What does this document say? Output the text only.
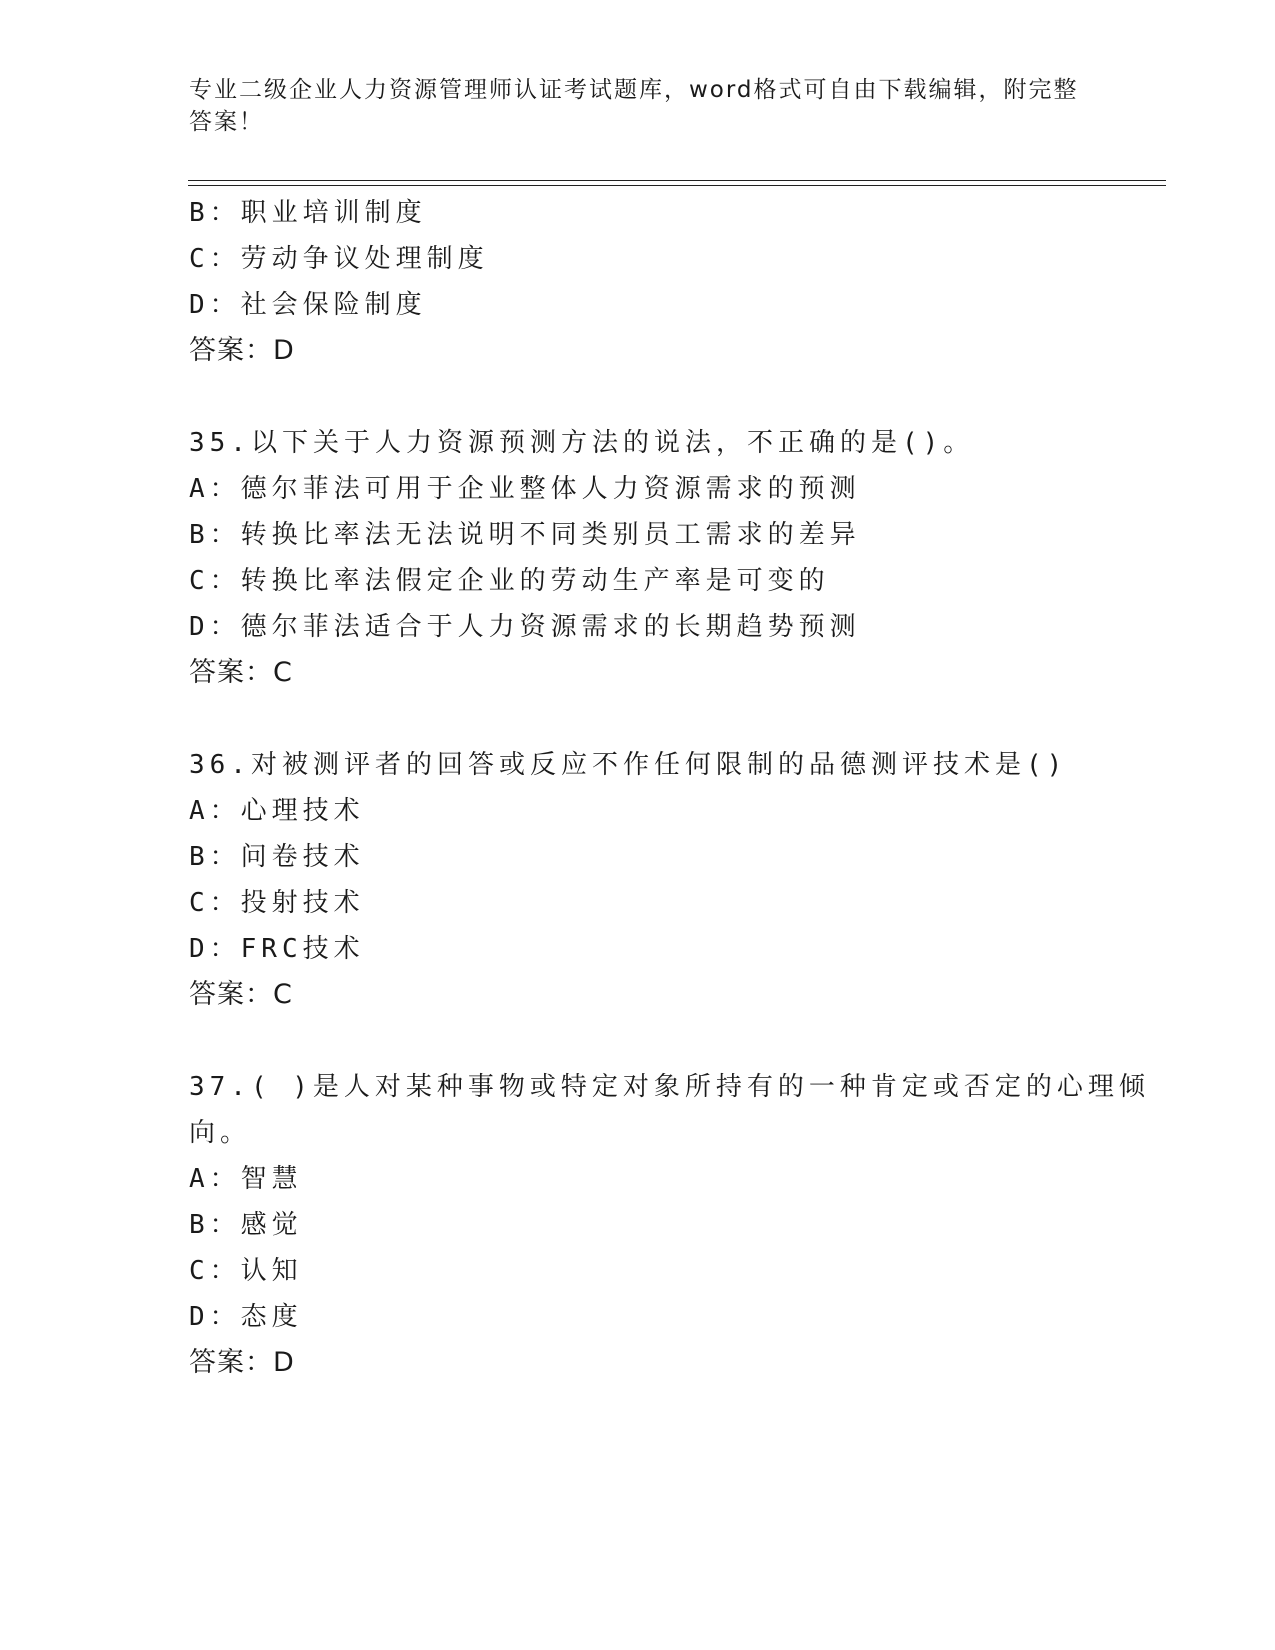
专业二级企业人力资源管理师认证考试题库，word格式可自由下载编辑，附完整
答案！
B：职业培训制度
C：劳动争议处理制度
D：社会保险制度
答案：D
35.以下关于人力资源预测方法的说法，不正确的是()。
A：德尔菲法可用于企业整体人力资源需求的预测
B：转换比率法无法说明不同类别员工需求的差异
C：转换比率法假定企业的劳动生产率是可变的
D：德尔菲法适合于人力资源需求的长期趋势预测
答案：C
36.对被测评者的回答或反应不作任何限制的品德测评技术是()
A：心理技术
B：问卷技术
C：投射技术
D：FRC技术
答案：C
37.( )是人对某种事物或特定对象所持有的一种肯定或否定的心理倾
向。
A：智慧
B：感觉
C：认知
D：态度
答案：D
